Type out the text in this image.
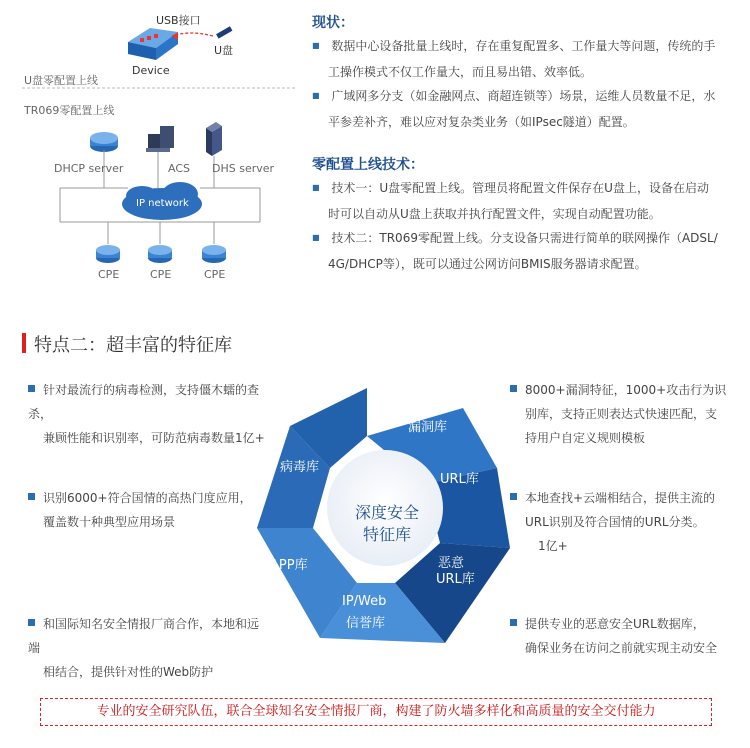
USB接口
U盘
Device
U盘零配置上线
TR069零配置上线
DHCP server	ACS DHS server
IP network
CPE	CPE	CPE
现状：
■ 数据中心设备批量上线时，存在重复配置多、工作量大等问题，传统的手
工操作模式不仅工作量大，而且易出错、效率低。
■ 广域网多分支（如金融网点、商超连锁等）场景，运维人员数量不足，水
平参差补齐，难以应对复杂类业务（如IPsec隧道）配置。
零配置上线技术：
■ 技术一：U盘零配置上线。管理员将配置文件保存在U盘上，设备在启动
时可以自动从U盘上获取并执行配置文件，实现自动配置功能。
■ 技术二：TR069零配置上线。分支设备只需进行简单的联网操作（ADSL/
4G/DHCP等），既可以通过公网访问BMIS服务器请求配置。
特点二：超丰富的特征库
针对最流行的病毒检测，支持僵木蠕的查杀，
兼顾性能和识别率，可防范病毒数量1亿+
识别6000+符合国情的高热门度应用，
覆盖数十种典型应用场景
和国际知名安全情报厂商合作，本地和远端
相结合，提供针对性的Web防护
8000+漏洞特征，1000+攻击行为识
别库，支持正则表达式快速匹配，支
持用户自定义规则模板
本地查找+云端相结合，提供主流的
URL识别及符合国情的URL分类。
1亿+
提供专业的恶意安全URL数据库，
确保业务在访问之前就实现主动安全
深度安全
特征库
漏洞库
URL库
恶意
URL库
IP/Web
信誉库
APP库
病毒库
专业的安全研究队伍，联合全球知名安全情报厂商，构建了防火墙多样化和高质量的安全交付能力
